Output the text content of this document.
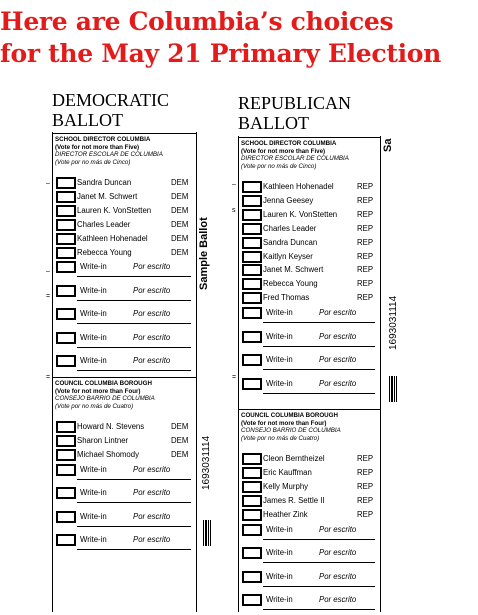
Here are Columbia’s choices
for the May 21 Primary Election
DEMOCRATIC
BALLOT
REPUBLICAN
BALLOT
SCHOOL DIRECTOR COLUMBIA
(Vote for not more than Five)
DIRECTOR ESCOLAR DE COLUMBIA
(Vote por no más de Cinco)
Sandra Duncan	DEM
Janet M. Schwert	DEM
Lauren K. VonStetten	DEM
Charles Leader	DEM
Kathleen Hohenadel	DEM
Rebecca Young	DEM
Write-in	Por escrito
Write-in	Por escrito
Write-in	Por escrito
Write-in	Por escrito
Write-in	Por escrito
COUNCIL COLUMBIA BOROUGH
(Vote for not more than Four)
CONSEJO BARRIO DE COLUMBIA
(Vote por no más de Cuatro)
Howard N. Stevens	DEM
Sharon Lintner	DEM
Michael Shomody	DEM
Write-in	Por escrito
Write-in	Por escrito
Write-in	Por escrito
Write-in	Por escrito
Sample Ballot
1693031114
SCHOOL DIRECTOR COLUMBIA
(Vote for not more than Five)
DIRECTOR ESCOLAR DE COLUMBIA
(Vote por no más de Cinco)
Kathleen Hohenadel	REP
Jenna Geesey	REP
Lauren K. VonStetten	REP
Charles Leader	REP
Sandra Duncan	REP
Kaitlyn Keyser	REP
Janet M. Schwert	REP
Rebecca Young	REP
Fred Thomas	REP
Write-in	Por escrito
Write-in	Por escrito
Write-in	Por escrito
Write-in	Por escrito
COUNCIL COLUMBIA BOROUGH
(Vote for not more than Four)
CONSEJO BARRIO DE COLUMBIA
(Vote por no más de Cuatro)
Cleon Berntheizel	REP
Eric Kauffman	REP
Kelly Murphy	REP
James R. Settle II	REP
Heather Zink	REP
Write-in	Por escrito
Write-in	Por escrito
Write-in	Por escrito
Write-in	Por escrito
Sa
1693031114
–
–
=
=
–
s
=
